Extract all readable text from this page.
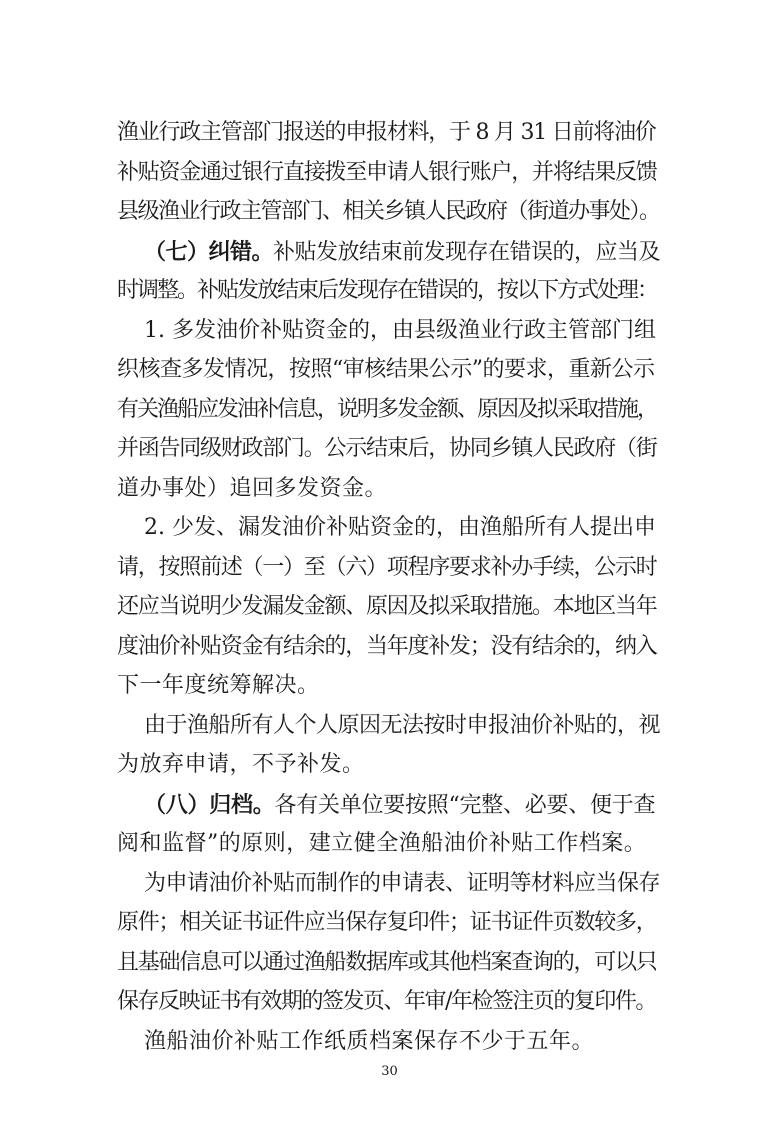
渔业行政主管部门报送的申报材料，于 8 月 31 日前将油价
补贴资金通过银行直接拨至申请人银行账户，并将结果反馈
县级渔业行政主管部门、相关乡镇人民政府（街道办事处）。
（七）纠错。补贴发放结束前发现存在错误的，应当及
时调整。补贴发放结束后发现存在错误的，按以下方式处理：
1. 多发油价补贴资金的，由县级渔业行政主管部门组
织核查多发情况，按照“审核结果公示”的要求，重新公示
有关渔船应发油补信息，说明多发金额、原因及拟采取措施，
并函告同级财政部门。公示结束后，协同乡镇人民政府（街
道办事处）追回多发资金。
2. 少发、漏发油价补贴资金的，由渔船所有人提出申
请，按照前述（一）至（六）项程序要求补办手续，公示时
还应当说明少发漏发金额、原因及拟采取措施。本地区当年
度油价补贴资金有结余的，当年度补发；没有结余的，纳入
下一年度统筹解决。
由于渔船所有人个人原因无法按时申报油价补贴的，视
为放弃申请，不予补发。
（八）归档。各有关单位要按照“完整、必要、便于查
阅和监督”的原则，建立健全渔船油价补贴工作档案。
为申请油价补贴而制作的申请表、证明等材料应当保存
原件；相关证书证件应当保存复印件；证书证件页数较多，
且基础信息可以通过渔船数据库或其他档案查询的，可以只
保存反映证书有效期的签发页、年审/年检签注页的复印件。
渔船油价补贴工作纸质档案保存不少于五年。
30
